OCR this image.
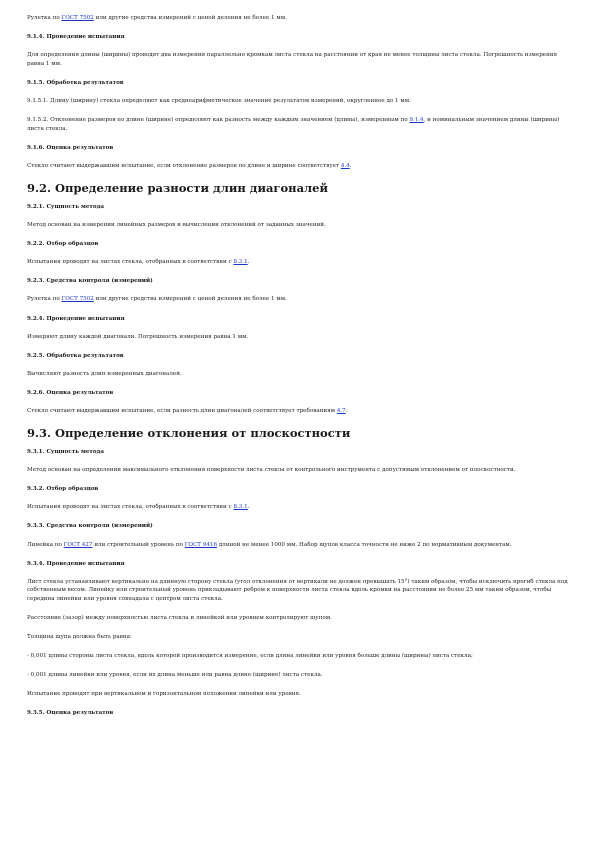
Рулетка по ГОСТ 7502 или другие средства измерений с ценой деления не более 1 мм.
9.1.4. Проведение испытания
Для определения длины (ширины) проводят два измерения параллельно кромкам листа стекла на расстоянии от края не менее толщины листа стекла. Погрешность измерения равна 1 мм.
9.1.5. Обработка результатов
9.1.5.1. Длину (ширину) стекла определяют как среднеарифметическое значение результатов измерений, округленное до 1 мм.
9.1.5.2. Отклонение размеров по длине (ширине) определяют как разность между каждым значением (длины), измеренным по 9.1.4, и номинальным значением длины (ширины) листа стекла.
9.1.6. Оценка результатов
Стекло считают выдержавшим испытание, если отклонение размеров по длине и ширине соответствует 4.4.
9.2. Определение разности длин диагоналей
9.2.1. Сущность метода
Метод основан на измерении линейных размеров и вычислении отклонений от заданных значений.
9.2.2. Отбор образцов
Испытания проводят на листах стекла, отобранных в соответствии с 8.3.1.
9.2.3. Средства контроля (измерений)
Рулетка по ГОСТ 7502 или другие средства измерений с ценой деления не более 1 мм.
9.2.4. Проведение испытания
Измеряют длину каждой диагонали. Погрешность измерения равна 1 мм.
9.2.5. Обработка результатов
Вычисляют разность длин измеренных диагоналей.
9.2.6. Оценка результатов
Стекло считают выдержавшим испытание, если разность длин диагоналей соответствует требованиям 4.7.
9.3. Определение отклонения от плоскостности
9.3.1. Сущность метода
Метод основан на определении максимального отклонения поверхности листа стекла от контрольного инструмента с допустимым отклонением от плоскостности.
9.3.2. Отбор образцов
Испытания проводят на листах стекла, отобранных в соответствии с 8.3.1.
9.3.3. Средства контроля (измерений)
Линейка по ГОСТ 427 или строительный уровень по ГОСТ 9416 длиной не менее 1000 мм. Набор щупов класса точности не ниже 2 по нормативным документам.
9.3.4. Проведение испытания
Лист стекла устанавливают вертикально на длинную сторону стекла (угол отклонения от вертикали не должен превышать 15°) таким образом, чтобы исключить прогиб стекла под собственным весом. Линейку или строительный уровень прикладывают ребром к поверхности листа стекла вдоль кромки на расстоянии не более 25 мм таким образом, чтобы середина линейки или уровня совпадала с центром листа стекла.
Расстояние (зазор) между поверхностью листа стекла и линейкой или уровнем контролируют щупом.
Толщина щупа должна быть равна:
- 0,001 длины стороны листа стекла, вдоль которой производится измерение, если длина линейки или уровня больше длины (ширины) листа стекла;
- 0,001 длины линейки или уровня, если их длина меньше или равна длине (ширине) листа стекла.
Испытание проводят при вертикальном и горизонтальном положении линейки или уровня.
9.3.5. Оценка результатов
